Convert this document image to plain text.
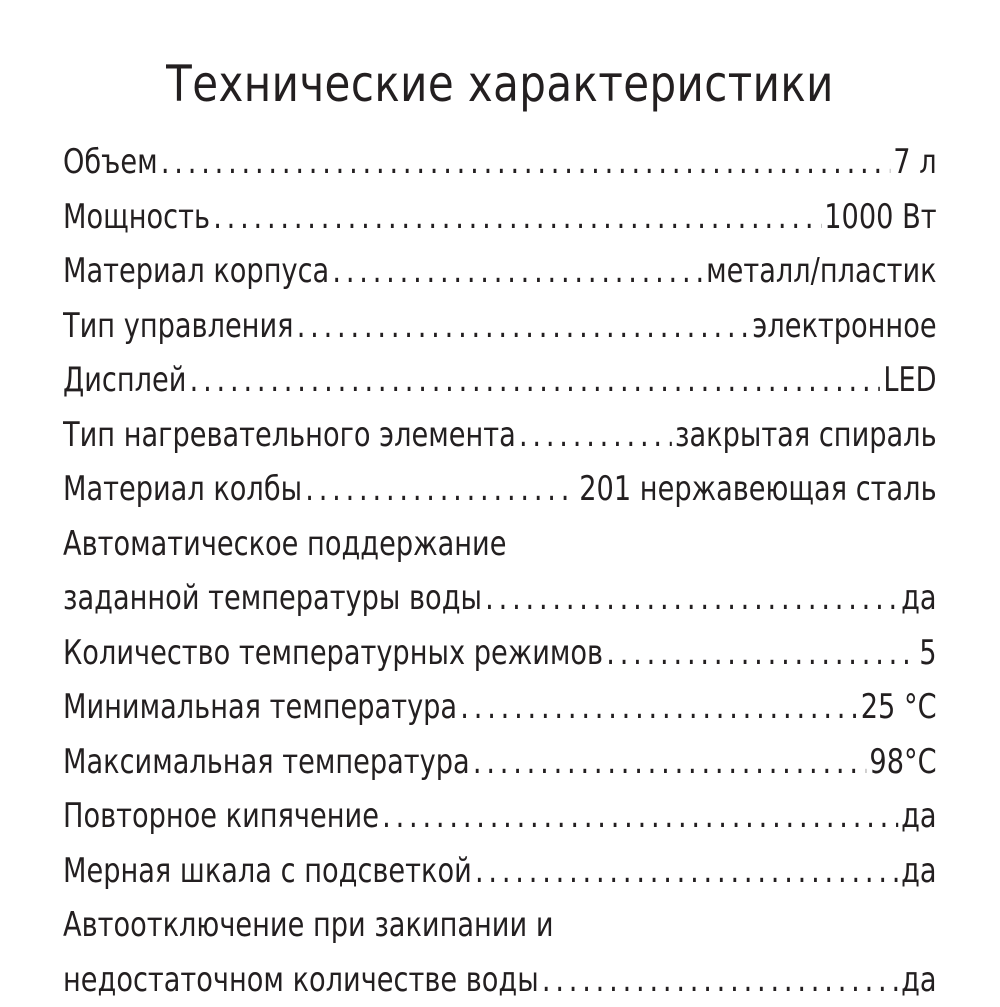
Технические характеристики
Объем .....	7 л
Мощность .....	1000 Вт
Материал корпуса .....	металл/пластик
Тип управления .....	электронное
Дисплей .....	LED
Тип нагревательного элемента .....	закрытая спираль
Материал колбы .....	201 нержавеющая сталь
Автоматическое поддержание
заданной температуры воды .....	да
Количество температурных режимов .....	5
Минимальная температура .....	25 °С
Максимальная температура .....	98°С
Повторное кипячение .....	да
Мерная шкала с подсветкой .....	да
Автоотключение при закипании и
недостаточном количестве воды .....	да
